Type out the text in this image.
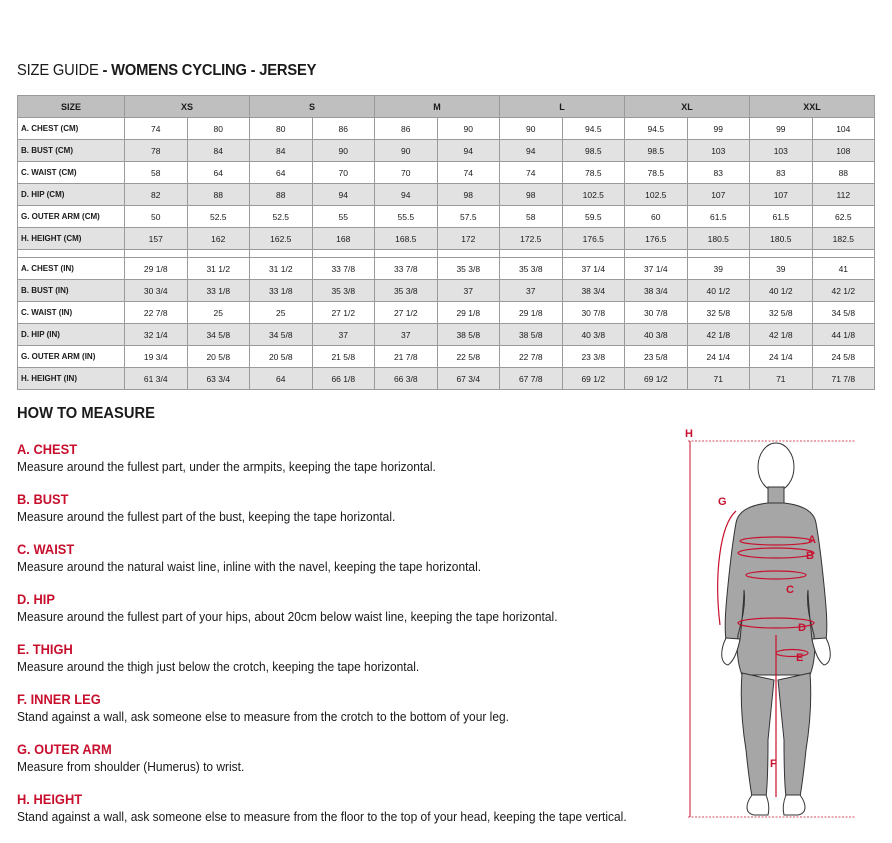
SIZE GUIDE - WOMENS CYCLING - JERSEY
SIZE	XS		S		M		L		XL		XXL	
A. CHEST (CM)	74	80	80	86	86	90	90	94.5	94.5	99	99	104
B. BUST (CM)	78	84	84	90	90	94	94	98.5	98.5	103	103	108
C. WAIST (CM)	58	64	64	70	70	74	74	78.5	78.5	83	83	88
D. HIP (CM)	82	88	88	94	94	98	98	102.5	102.5	107	107	112
G. OUTER ARM (CM)	50	52.5	52.5	55	55.5	57.5	58	59.5	60	61.5	61.5	62.5
H. HEIGHT (CM)	157	162	162.5	168	168.5	172	172.5	176.5	176.5	180.5	180.5	182.5

A. CHEST (IN)	29 1/8	31 1/2	31 1/2	33 7/8	33 7/8	35 3/8	35 3/8	37 1/4	37 1/4	39	39	41
B. BUST (IN)	30 3/4	33 1/8	33 1/8	35 3/8	35 3/8	37	37	38 3/4	38 3/4	40 1/2	40 1/2	42 1/2
C. WAIST (IN)	22 7/8	25	25	27 1/2	27 1/2	29 1/8	29 1/8	30 7/8	30 7/8	32 5/8	32 5/8	34 5/8
D. HIP (IN)	32 1/4	34 5/8	34 5/8	37	37	38 5/8	38 5/8	40 3/8	40 3/8	42 1/8	42 1/8	44 1/8
G. OUTER ARM (IN)	19 3/4	20 5/8	20 5/8	21 5/8	21 7/8	22 5/8	22 7/8	23 3/8	23 5/8	24 1/4	24 1/4	24 5/8
H. HEIGHT (IN)	61 3/4	63 3/4	64	66 1/8	66 3/8	67 3/4	67 7/8	69 1/2	69 1/2	71	71	71 7/8
HOW TO MEASURE
A. CHEST
Measure around the fullest part, under the armpits, keeping the tape horizontal.
B. BUST
Measure around the fullest part of the bust, keeping the tape horizontal.
C. WAIST
Measure around the natural waist line, inline with the navel, keeping the tape horizontal.
D. HIP
Measure around the fullest part of your hips, about 20cm below waist line, keeping the tape horizontal.
E. THIGH
Measure around the thigh just below the crotch, keeping the tape horizontal.
F. INNER LEG
Stand against a wall, ask someone else to measure from the crotch to the bottom of your leg.
G. OUTER ARM
Measure from shoulder (Humerus) to wrist.
H. HEIGHT
Stand against a wall, ask someone else to measure from the floor to the top of your head, keeping the tape vertical.
H
G
A
B
C
D
E
F
